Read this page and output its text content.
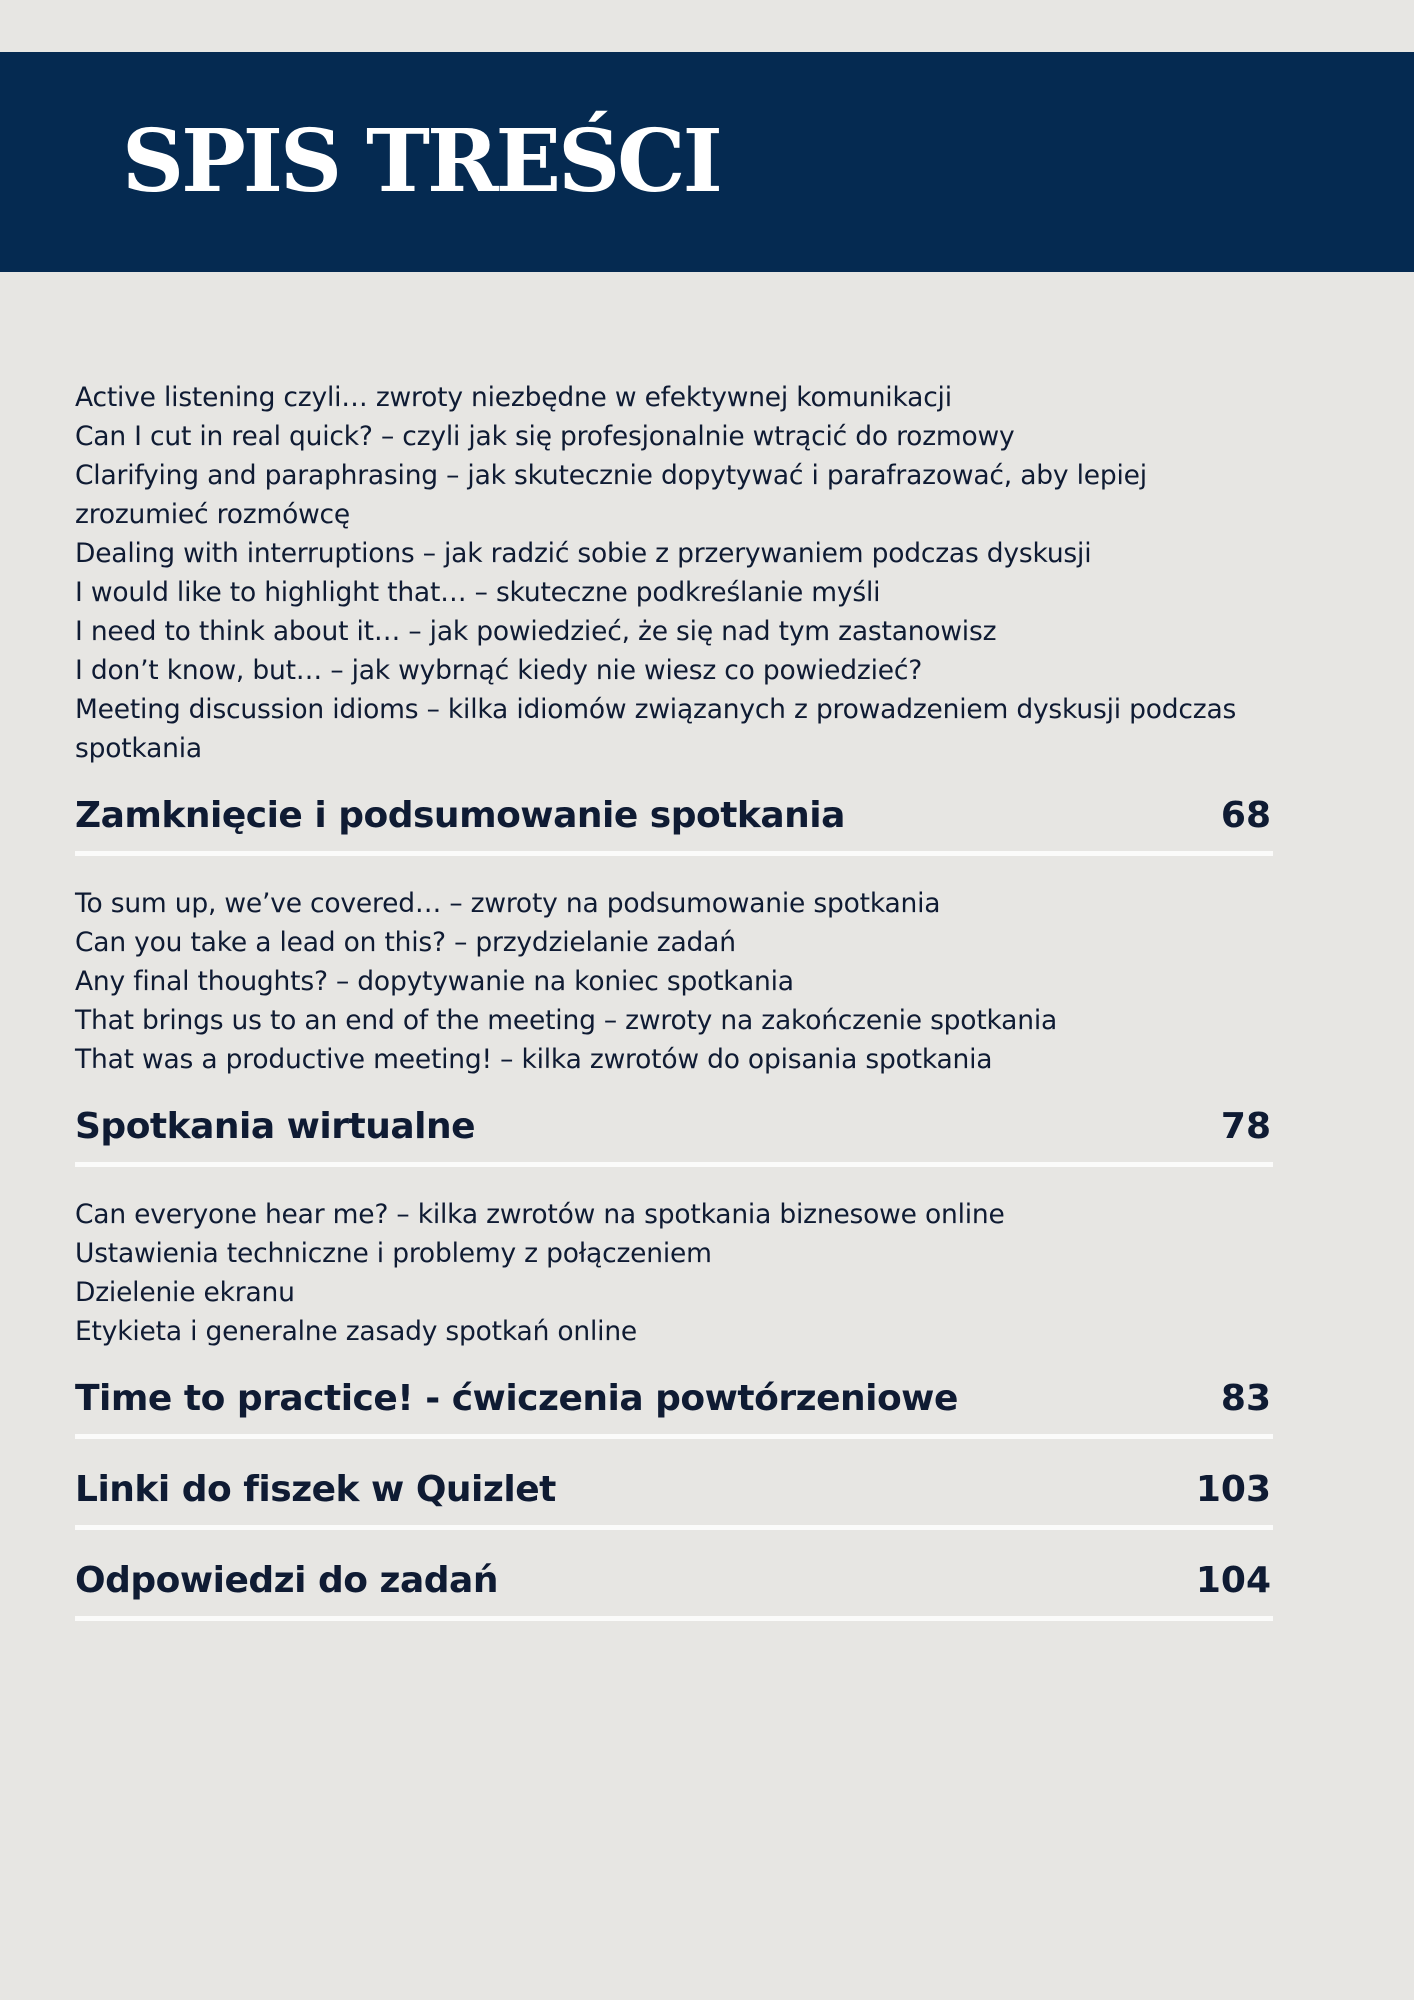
SPIS TREŚCI
Active listening czyli… zwroty niezbędne w efektywnej komunikacji
Can I cut in real quick? – czyli jak się profesjonalnie wtrącić do rozmowy
Clarifying and paraphrasing – jak skutecznie dopytywać i parafrazować, aby lepiej
zrozumieć rozmówcę
Dealing with interruptions – jak radzić sobie z przerywaniem podczas dyskusji
I would like to highlight that… – skuteczne podkreślanie myśli
I need to think about it… – jak powiedzieć, że się nad tym zastanowisz
I don’t know, but… – jak wybrnąć kiedy nie wiesz co powiedzieć?
Meeting discussion idioms – kilka idiomów związanych z prowadzeniem dyskusji podczas
spotkania
Zamknięcie i podsumowanie spotkania	68
To sum up, we’ve covered… – zwroty na podsumowanie spotkania
Can you take a lead on this? – przydzielanie zadań
Any final thoughts? – dopytywanie na koniec spotkania
That brings us to an end of the meeting – zwroty na zakończenie spotkania
That was a productive meeting! – kilka zwrotów do opisania spotkania
Spotkania wirtualne	78
Can everyone hear me? – kilka zwrotów na spotkania biznesowe online
Ustawienia techniczne i problemy z połączeniem
Dzielenie ekranu
Etykieta i generalne zasady spotkań online
Time to practice! - ćwiczenia powtórzeniowe	83
Linki do fiszek w Quizlet	103
Odpowiedzi do zadań	104
